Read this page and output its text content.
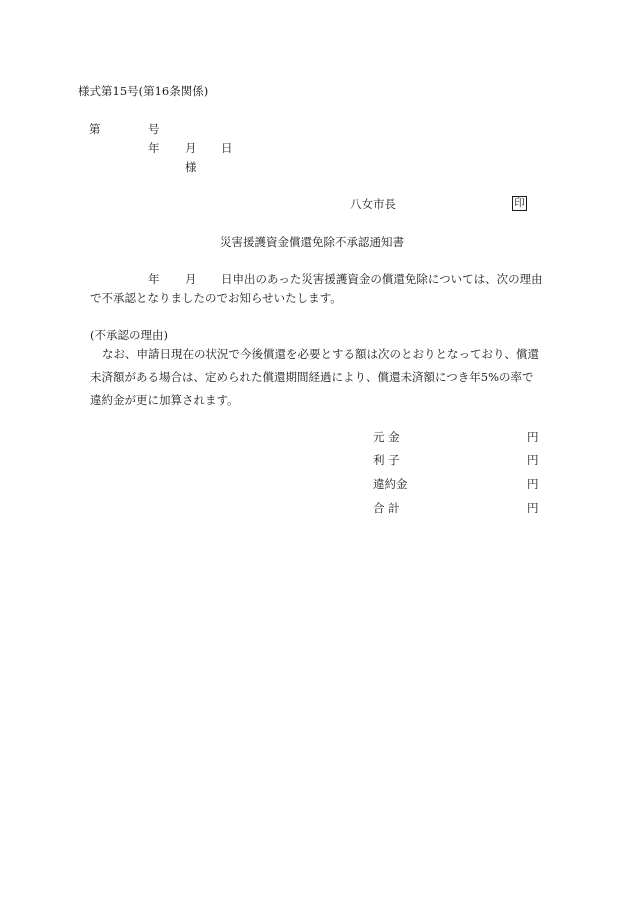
様式第15号(第16条関係)
第	号
年 月 日
様
八女市長	印
災害援護資金償還免除不承認通知書
年 月 日申出のあった災害援護資金の償還免除については、次の理由
で不承認となりましたのでお知らせいたします。
(不承認の理由)
なお、申請日現在の状況で今後償還を必要とする額は次のとおりとなっており、償還未済額がある場合は、定められた償還期間経過により、償還未済額につき年5%の率で違約金が更に加算されます。
元 金	円
利 子	円
違約金	円
合 計	円
